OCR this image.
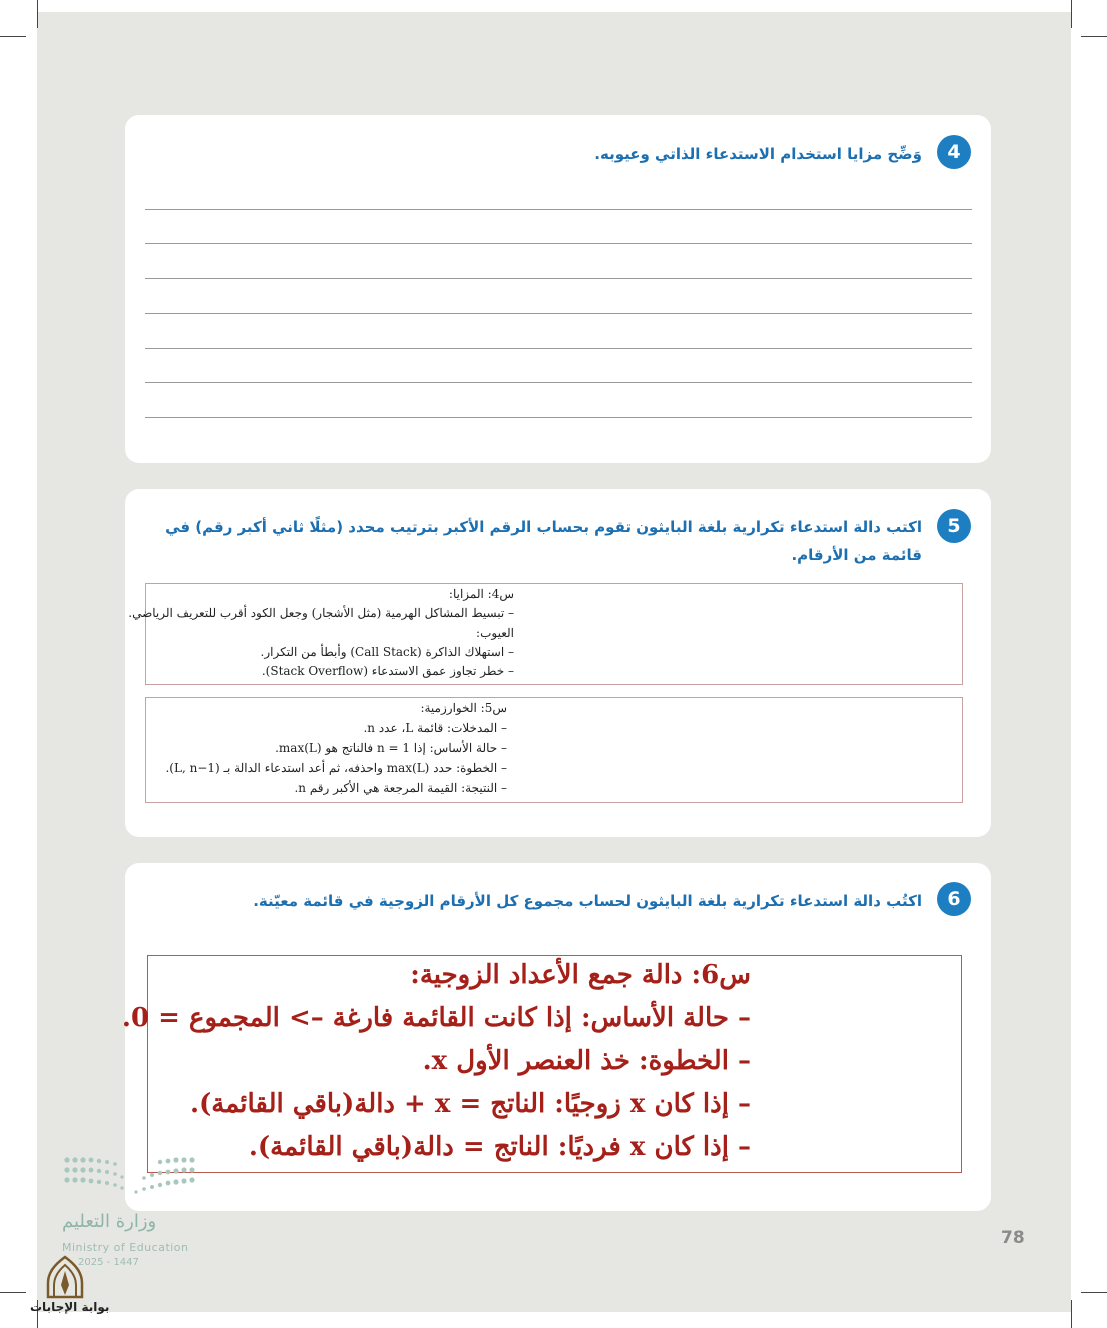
4
وَضِّح مزايا استخدام الاستدعاء الذاتي وعيوبه.
5
اكتب دالة استدعاء تكرارية بلغة البايثون تقوم بحساب الرقم الأكبر بترتيب محدد (مثلًا ثاني أكبر رقم) في
قائمة من الأرقام.
س4: المزايا:
– تبسيط المشاكل الهرمية (مثل الأشجار) وجعل الكود أقرب للتعريف الرياضي.
العيوب:
– استهلاك الذاكرة (Call Stack) وأبطأ من التكرار.
– خطر تجاوز عمق الاستدعاء (Stack Overflow).
س5: الخوارزمية:
– المدخلات: قائمة L، عدد n.
– حالة الأساس: إذا n = 1 فالناتج هو max(L).
– الخطوة: حدد max(L) واحذفه، ثم أعد استدعاء الدالة بـ (L, n−1).
– النتيجة: القيمة المرجعة هي الأكبر رقم n.
6
اكتُب دالة استدعاء تكرارية بلغة البايثون لحساب مجموع كل الأرقام الزوجية في قائمة معيّنة.
س6: دالة جمع الأعداد الزوجية:
– حالة الأساس: إذا كانت القائمة فارغة –> المجموع = 0.
– الخطوة: خذ العنصر الأول x.
– إذا كان x زوجيًا: الناتج = x + دالة(باقي القائمة).
– إذا كان x فرديًا: الناتج = دالة(باقي القائمة).
78
وزارة التعليم
Ministry of Education
2025 - 1447
بوابة الإجابات
